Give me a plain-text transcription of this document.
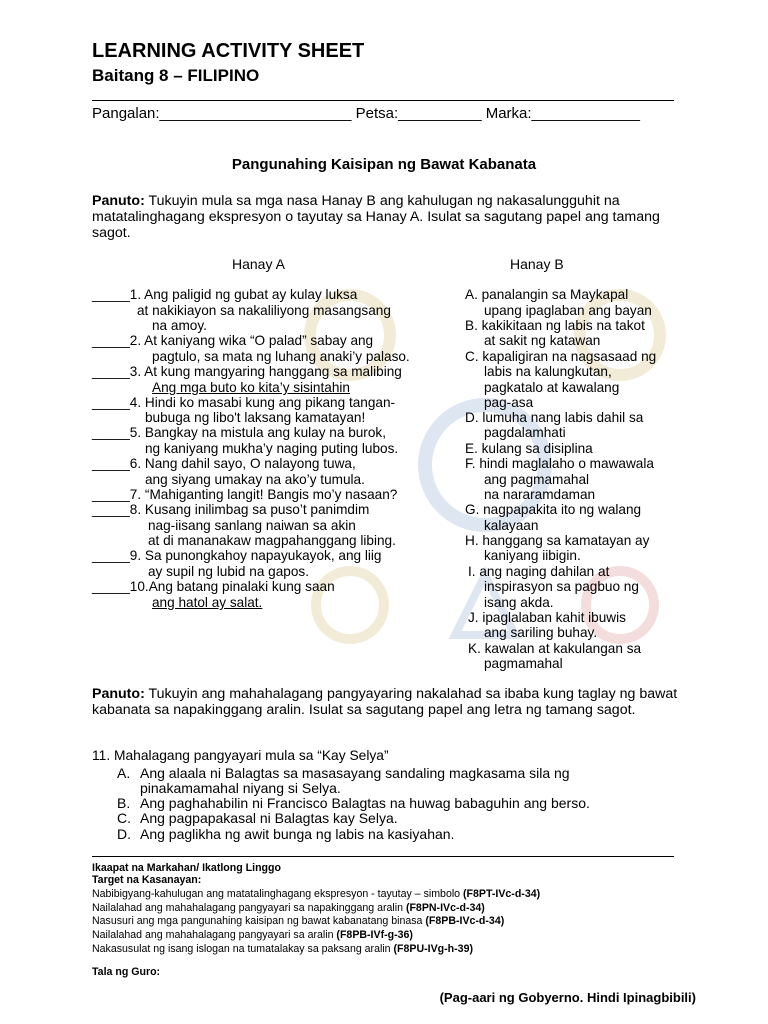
LEARNING ACTIVITY SHEET
Baitang 8 – FILIPINO
Pangalan:_______________________ Petsa:__________ Marka:_____________
Pangunahing Kaisipan ng Bawat Kabanata
Panuto: Tukuyin mula sa mga nasa Hanay B ang kahulugan ng nakasalungguhit na matatalinghagang ekspresyon o tayutay sa Hanay A. Isulat sa sagutang papel ang tamang sagot.
Hanay A	Hanay B
_____1. Ang paligid ng gubat ay kulay luksa
at nakikiayon sa nakaliliyong masangsang
na amoy.
_____2. At kaniyang wika “O palad” sabay ang
pagtulo, sa mata ng luhang anaki’y palaso.
_____3. At kung mangyaring hanggang sa malibing
Ang mga buto ko kita’y sisintahin
_____4. Hindi ko masabi kung ang pikang tangan-
bubuga ng libo't laksang kamatayan!
_____5. Bangkay na mistula ang kulay na burok,
ng kaniyang mukha’y naging puting lubos.
_____6. Nang dahil sayo, O nalayong tuwa,
ang siyang umakay na ako’y tumula.
_____7. “Mahiganting langit! Bangis mo’y nasaan?
_____8. Kusang inilimbag sa puso’t panimdim
nag-iisang sanlang naiwan sa akin
at di mananakaw magpahanggang libing.
_____9. Sa punongkahoy napayukayok, ang liig
ay supil ng lubid na gapos.
_____10.Ang batang pinalaki kung saan
ang hatol ay salat.
A. panalangin sa Maykapal
upang ipaglaban ang bayan
B. kakikitaan ng labis na takot
at sakit ng katawan
C. kapaligiran na nagsasaad ng
labis na kalungkutan,
pagkatalo at kawalang
pag-asa
D. lumuha nang labis dahil sa
pagdalamhati
E. kulang sa disiplina
F. hindi maglalaho o mawawala
ang pagmamahal
na nararamdaman
G. nagpapakita ito ng walang
kalayaan
H. hanggang sa kamatayan ay
kaniyang iibigin.
I. ang naging dahilan at
inspirasyon sa pagbuo ng
isang akda.
J. ipaglalaban kahit ibuwis
ang sariling buhay.
K. kawalan at kakulangan sa
pagmamahal
Panuto: Tukuyin ang mahahalagang pangyayaring nakalahad sa ibaba kung taglay ng bawat kabanata sa napakinggang aralin. Isulat sa sagutang papel ang letra ng tamang sagot.
11. Mahalagang pangyayari mula sa “Kay Selya”
A. Ang alaala ni Balagtas sa masasayang sandaling magkasama sila ng
pinakamamahal niyang si Selya.
B. Ang paghahabilin ni Francisco Balagtas na huwag babaguhin ang berso.
C. Ang pagpapakasal ni Balagtas kay Selya.
D. Ang paglikha ng awit bunga ng labis na kasiyahan.
Ikaapat na Markahan/ Ikatlong Linggo
Target na Kasanayan:
Nabibigyang-kahulugan ang matatalinghagang ekspresyon - tayutay – simbolo (F8PT-IVc-d-34)
Nailalahad ang mahahalagang pangyayari sa napakinggang aralin (F8PN-IVc-d-34)
Nasusuri ang mga pangunahing kaisipan ng bawat kabanatang binasa (F8PB-IVc-d-34)
Nailalahad ang mahahalagang pangyayari sa aralin (F8PB-IVf-g-36)
Nakasusulat ng isang islogan na tumatalakay sa paksang aralin (F8PU-IVg-h-39)
Tala ng Guro:
(Pag-aari ng Gobyerno. Hindi Ipinagbibili)
